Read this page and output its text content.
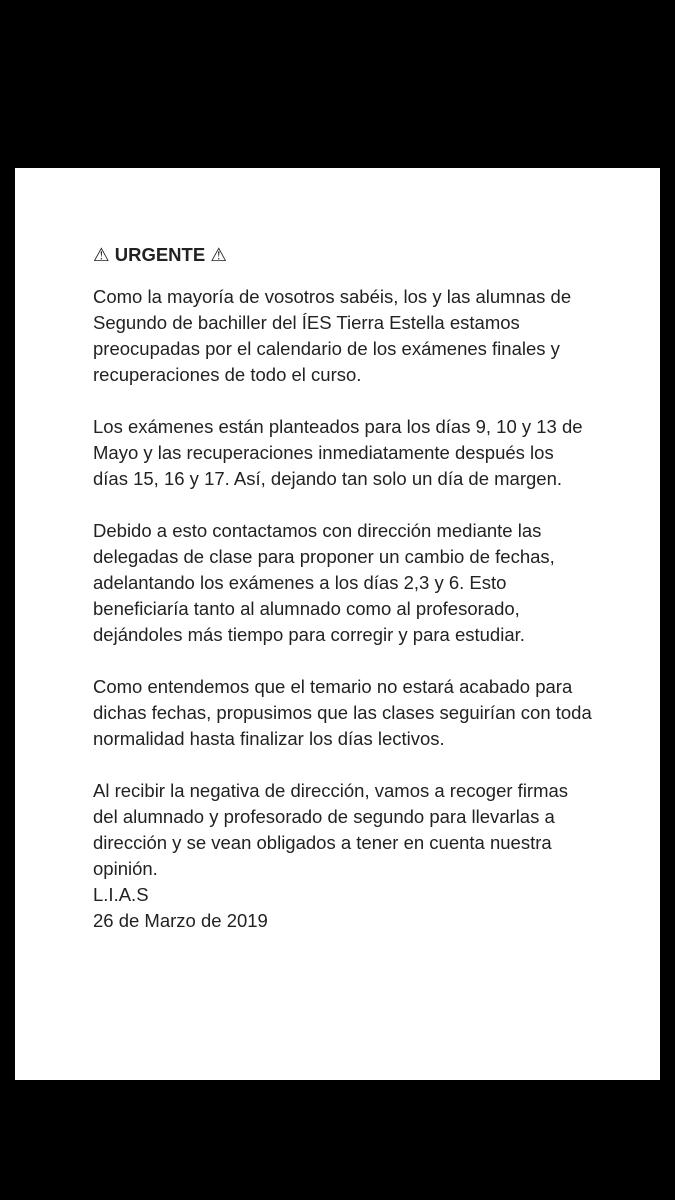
⚠ URGENTE ⚠

Como la mayoría de vosotros sabéis, los y las alumnas de Segundo de bachiller del ÍES Tierra Estella estamos preocupadas por el calendario de los exámenes finales y recuperaciones de todo el curso.

Los exámenes están planteados para los días 9, 10 y 13 de Mayo y las recuperaciones inmediatamente después los días 15, 16 y 17. Así, dejando tan solo un día de margen.

Debido a esto contactamos con dirección mediante las delegadas de clase para proponer un cambio de fechas, adelantando los exámenes a los días 2,3 y 6. Esto beneficiaría tanto al alumnado como al profesorado, dejándoles más tiempo para corregir y para estudiar.

Como entendemos que el temario no estará acabado para dichas fechas, propusimos que las clases seguirían con toda normalidad hasta finalizar los días lectivos.

Al recibir la negativa de dirección, vamos a recoger firmas del alumnado y profesorado de segundo para llevarlas a dirección y se vean obligados a tener en cuenta nuestra opinión.

L.I.A.S
26 de Marzo de 2019
